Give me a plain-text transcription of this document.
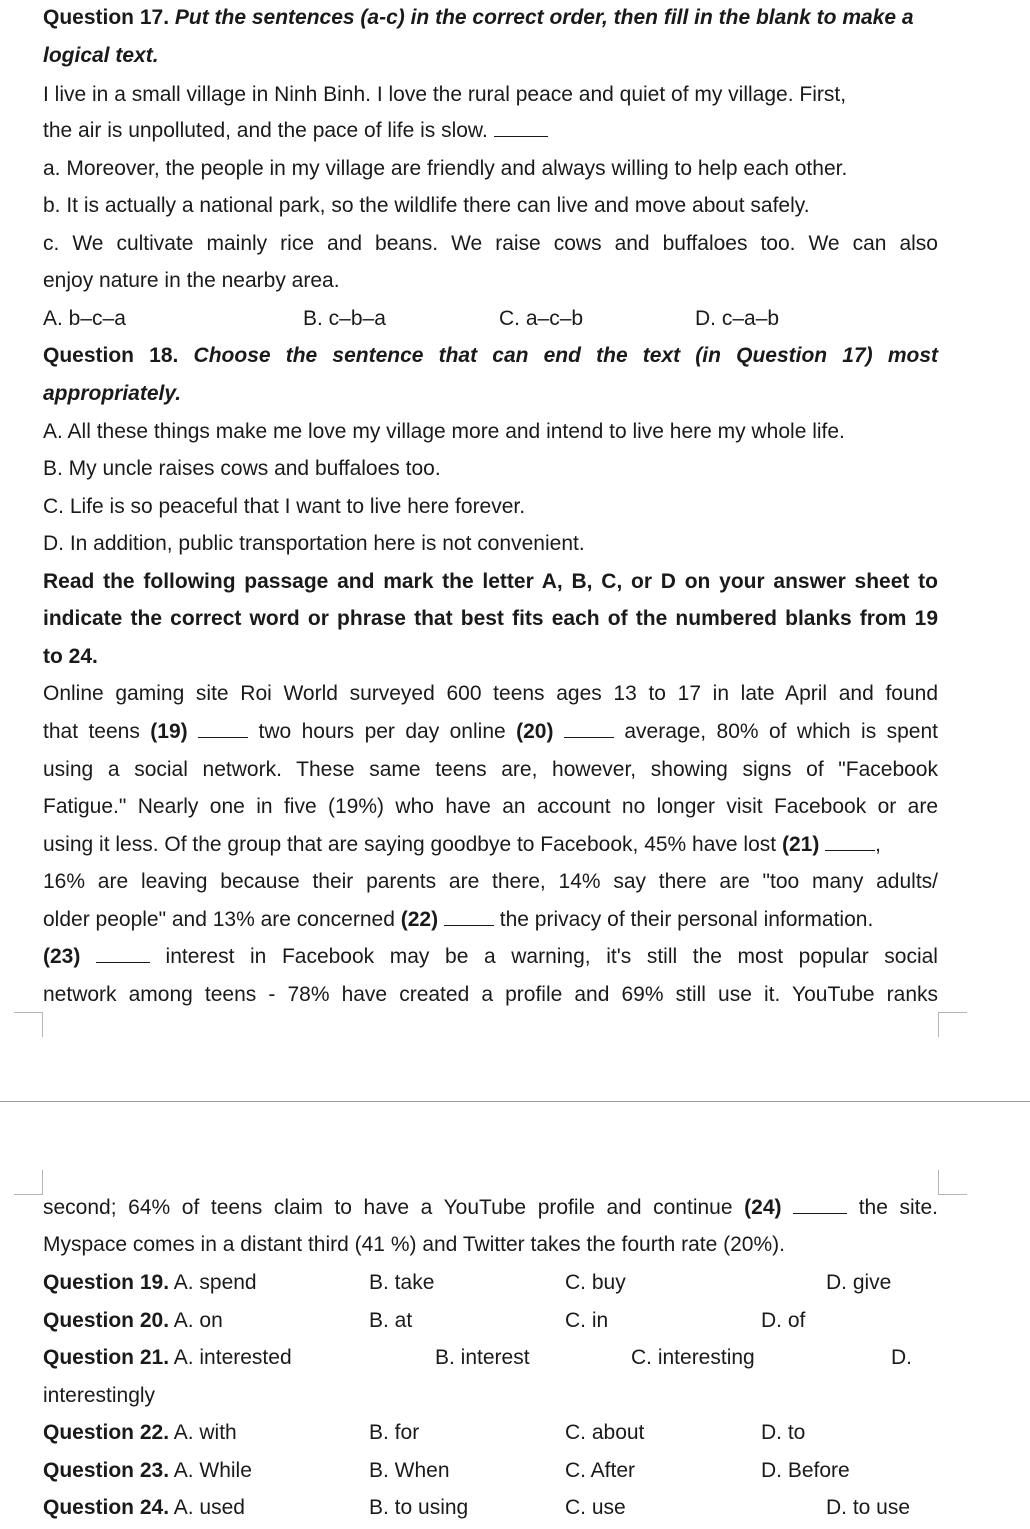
Question 17. Put the sentences (a-c) in the correct order, then fill in the blank to make a
logical text.
I live in a small village in Ninh Binh. I love the rural peace and quiet of my village. First,
the air is unpolluted, and the pace of life is slow.
a. Moreover, the people in my village are friendly and always willing to help each other.
b. It is actually a national park, so the wildlife there can live and move about safely.
c. We cultivate mainly rice and beans. We raise cows and buffaloes too. We can also
enjoy nature in the nearby area.
A. b–c–a	B. c–b–a	C. a–c–b	D. c–a–b
Question 18. Choose the sentence that can end the text (in Question 17) most
appropriately.
A. All these things make me love my village more and intend to live here my whole life.
B. My uncle raises cows and buffaloes too.
C. Life is so peaceful that I want to live here forever.
D. In addition, public transportation here is not convenient.
Read the following passage and mark the letter A, B, C, or D on your answer sheet to
indicate the correct word or phrase that best fits each of the numbered blanks from 19
to 24.
Online gaming site Roi World surveyed 600 teens ages 13 to 17 in late April and found
that teens (19)	two hours per day online (20)	average, 80% of which is spent
using a social network. These same teens are, however, showing signs of "Facebook
Fatigue." Nearly one in five (19%) who have an account no longer visit Facebook or are
using it less. Of the group that are saying goodbye to Facebook, 45% have lost (21)	,
16% are leaving because their parents are there, 14% say there are "too many adults/
older people" and 13% are concerned (22)	the privacy of their personal information.
(23)	interest in Facebook may be a warning, it's still the most popular social
network among teens - 78% have created a profile and 69% still use it. YouTube ranks
second; 64% of teens claim to have a YouTube profile and continue (24)	the site.
Myspace comes in a distant third (41 %) and Twitter takes the fourth rate (20%).
Question 19. A. spend	B. take	C. buy	D. give
Question 20. A. on	B. at	C. in	D. of
Question 21. A. interested	B. interest	C. interesting	D.
interestingly
Question 22. A. with	B. for	C. about	D. to
Question 23. A. While	B. When	C. After	D. Before
Question 24. A. used	B. to using	C. use	D. to use
